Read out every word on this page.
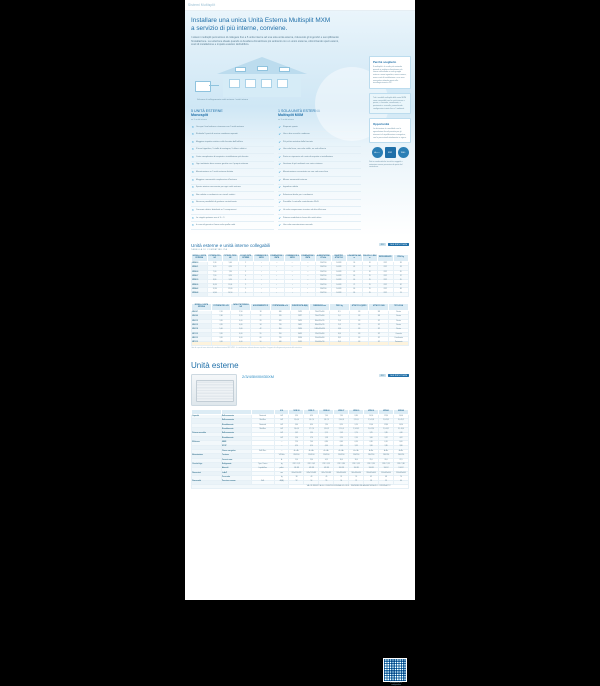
Sistemi Multisplit
Installare una unica Unità Esterna Multisplit MXM
a servizio di più interne, conviene.

I sistemi multisplit permettono di collegare fino a 5 unità interne ad una sola unità esterna, riducendo gli ingombri e semplificando l'installazione. La soluzione ideale quando si desidera climatizzare più ambienti con un unico sistema, ottimizzando spazi esterni, costi di installazione e impatto estetico dell'edificio.

Schema di collegamento unità esterna / unità interne
5 UNITÀ ESTERNE
Monosplit
su 5 unità interne
✕ Occupa il tuo balcone o terrazzo con 5 unità esterne
✕ Richiede 5 punti di scarico condensa separati
✕ Maggiore impatto estetico sulla facciata dell'edificio
✕ 5 linee frigorifere, 5 staffe di sostegno, 5 allacci elettrici
✕ Costo complessivo di acquisto e installazione più elevato
✕ Ogni ambiente deve essere gestito con il proprio sistema
✕ Manutenzione su 5 unità esterne distinte
✕ Maggiore rumorosità complessiva all'esterno
✕ Spazio minimo necessario per ogni unità esterna
✕ Non adatto a condomini con vincoli estetici
✕ Nessuna possibilità di gestione centralizzata
✕ Consumi elettrici distribuiti su 5 compressori
✕ La singola potenza non è 9 + 9
✕ In caso di guasto si ferma solo quella unità
1 SOLA UNITÀ ESTERNA
Multisplit MXM
su 5 unità interne
✔ Risparmi spazio
✔ Uno o due scarichi condensa
✔ Più pulizia estetica della facciata
✔ Una sola linea, una sola staffa, un solo allaccio
✔ Porta un risparmio sul costo di acquisto e installazione
✔ Gestione di più ambienti con unico sistema
✔ Manutenzione concentrata su una sola macchina
✔ Minore rumorosità esterna
✔ Ingombro ridotto
✔ Soluzione ideale per i condomini
✔ Possibile il controllo centralizzato Wi-Fi
✔ Un solo compressore inverter ad alta efficienza
✔ Potenza modulata in base alle unità attive
✔ Una sola manutenzione annuale
Perché sceglierlo

Il multisplit è la scelta più razionale quando si vogliono climatizzare più stanze utilizzando un solo gruppo esterno: meno ingombro, meno rumore, meno costi di installazione e una resa energetica ottimale grazie alla tecnologia inverter DC.

Tutti i modelli multisplit della serie MXM sono compatibili con le unità interne a parete, a cassetta, canalizzate, a pavimento e consolle, permettendo configurazioni miste fino a 5 ambienti.

Opportunità

La detrazione è cumulabile con le agevolazioni fiscali previste per gli interventi di riqualificazione energetica, con le percentuali attualmente in vigore.

A+++	R32	WiFi
Dati e caratteristiche tecniche soggetti a variazione senza preavviso da parte del costruttore.
R32	MULTISPLIT MXM
Unità esterne e unità interne collegabili
TABELLA DI COMPATIBILITÀ
MODELLO UNITÀ ESTERNA	POTENZA FRIG. kW	POTENZA TERM. kW	N° MAX UNITÀ INTERNE	COMBINAZIONI 2 UNITÀ	COMBINAZIONI 3 UNITÀ	COMBINAZIONI 4 UNITÀ	COMBINAZIONI 5 UNITÀ	ALIMENTAZIONE V/Ph/Hz	DIAMETRO ATTACCHI	LUNGHEZZA MAX m	DISLIVELLO MAX m	REFRIGERANTE	PESO kg
MXM-18	5,30	5,60	2	•	—	—	—	230/1/50	1/4-3/8	30	10	R32	38
MXM-21	6,20	6,50	3	•	•	—	—	230/1/50	1/4-3/8	45	10	R32	43
MXM-24	7,00	7,30	3	•	•	—	—	230/1/50	1/4-3/8	45	10	R32	45
MXM-27	7,90	8,20	4	•	•	•	—	230/1/50	1/4-3/8	60	15	R32	52
MXM-30	8,80	9,20	4	•	•	•	—	230/1/50	1/4-3/8	60	15	R32	55
MXM-36	10,50	11,00	5	•	•	•	•	230/1/50	1/4-3/8	75	15	R32	62
MXM-42	12,30	12,80	5	•	•	•	•	230/1/50	1/4-3/8	80	15	R32	68
MXM-48	14,00	14,50	5	•	•	•	•	230/1/50	1/4-3/8	80	15	R32	74
MODELLO UNITÀ INTERNA	POTENZA FRIG. kW	CAPACITÀ TERMICA kW	ASSORBIMENTO W	PORTATA ARIA m³/h	RUMOROSITÀ dB(A)	DIMENSIONI mm	PESO kg	ATTACCO LIQUIDO	ATTACCO GAS	TIPOLOGIA
MSZ-07	2,10	2,50	18	480	21/35	790x275x200	8,5	1/4	3/8	Parete
MSZ-09	2,60	3,20	22	520	22/37	790x275x200	9,0	1/4	3/8	Parete
MSZ-12	3,50	4,00	28	620	24/39	890x295x215	11,0	1/4	1/2	Parete
MSZ-15	4,20	4,60	34	720	26/41	890x295x215	11,5	1/4	1/2	Parete
MSZ-18	5,00	5,60	42	850	29/44	1080x320x230	14,0	1/4	1/2	Parete
MCZ-12	3,50	4,00	55	700	30/45	570x570x260	16,0	1/4	1/2	Cassetta
MDZ-12	3,50	4,00	60	720	32/46	700x450x200	18,5	1/4	1/2	Canalizzata
MPZ-12	3,50	4,00	50	640	31/45	700x600x210	15,5	1/4	1/2	Pavimento
I dati di capacità sono riferiti alle condizioni nominali EN 14511. Le combinazioni indicate devono rispettare il rapporto di collegamento previsto dal costruttore.
Scansiona per il configuratore
Unità esterne
2/3/4/5MXM30XM	R32	MULTISPLIT MXM
			U.M.	MXM-18	MXM-21	MXM-24	MXM-27	MXM-30	MXM-36	MXM-42	MXM-48
Capacità	Raffrescamento	Nominale	kW	5,30	6,20	7,00	7,90	8,80	10,50	12,30	14,00
	Raffrescamento	Min-Max	kW	1,5-6,0	1,6-7,0	1,8-7,9	2,0-8,8	2,2-9,9	2,5-11,8	2,8-13,5	3,0-15,2
	Riscaldamento	Nominale	kW	5,60	6,50	7,30	8,20	9,20	11,00	12,80	14,50
	Riscaldamento	Min-Max	kW	1,6-6,4	1,7-7,4	1,9-8,3	2,1-9,4	2,3-10,5	2,6-12,4	2,9-14,1	3,1-16,0
Potenza assorbita	Raffrescamento		kW	1,62	1,90	2,15	2,43	2,70	3,25	3,85	4,40
	Riscaldamento		kW	1,50	1,76	1,98	2,24	2,50	3,00	3,52	4,02
Efficienza	SEER		—	7,20	7,00	6,80	6,60	6,50	6,30	6,10	6,00
	SCOP		—	4,20	4,10	4,00	4,00	3,95	3,90	3,85	3,80
	Classe energetica	Raff./Risc.	—	A++/A+	A++/A+	A++/A+	A++/A+	A++/A+	A+/A+	A+/A+	A+/A+
Alimentazione	Tensione		V/Ph/Hz	230/1/50	230/1/50	230/1/50	230/1/50	230/1/50	230/1/50	230/1/50	230/1/50
	Corrente max		A	11,0	13,0	14,5	16,0	18,0	21,0	24,0	27,0
Circuito frigo	Refrigerante	Tipo / Carica	kg	R32 / 1,25	R32 / 1,45	R32 / 1,55	R32 / 1,80	R32 / 1,95	R32 / 2,30	R32 / 2,55	R32 / 2,80
	Attacchi	Liquido/Gas	pollici	1/4-3/8	1/4-3/8	1/4-3/8	1/4-3/8	1/4-3/8	1/4-3/8	1/4-1/2	1/4-1/2
Dimensioni	LxAxP		mm	800x554x333	845x702x363	845x702x363	940x810x400	940x810x400	990x965x400	990x965x400	990x965x400
	Peso netto		kg	38	43	45	52	55	62	68	74
Rumorosità	Pressione sonora	Raff.	dB(A)	52	54	55	56	57	58	59	60
				VALORI RIFERITI ALLE CONDIZIONI NOMINALI EN 14511 - TEMPERATURE ARIA ESTERNA 35°C / INTERNA 27°C							
